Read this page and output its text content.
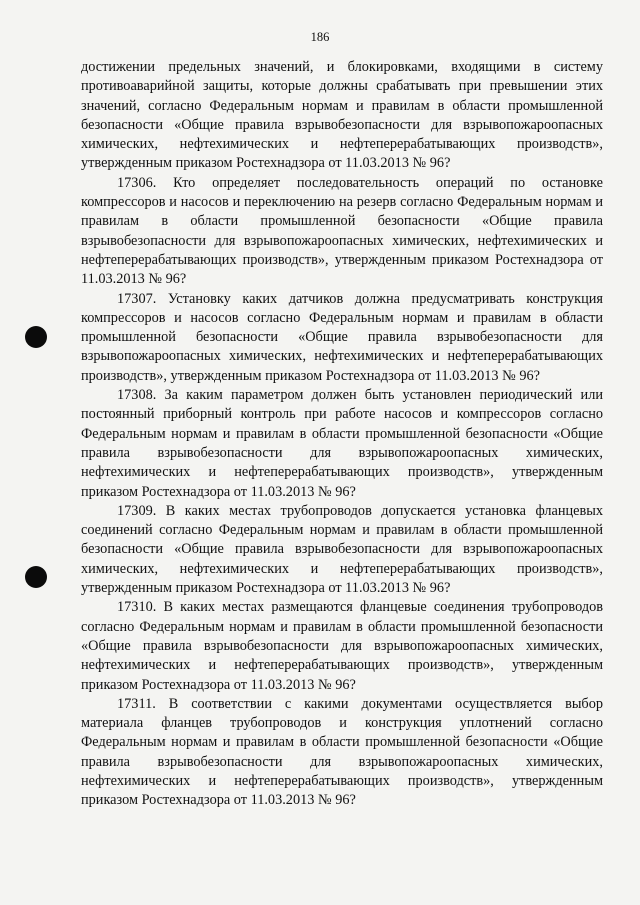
186

достижении предельных значений, и блокировками, входящими в систему противоаварийной защиты, которые должны срабатывать при превышении этих значений, согласно Федеральным нормам и правилам в области промышленной безопасности «Общие правила взрывобезопасности для взрывопожароопасных химических, нефтехимических и нефтеперерабатывающих производств», утвержденным приказом Ростехнадзора от 11.03.2013 № 96?

17306. Кто определяет последовательность операций по остановке компрессоров и насосов и переключению на резерв согласно Федеральным нормам и правилам в области промышленной безопасности «Общие правила взрывобезопасности для взрывопожароопасных химических, нефтехимических и нефтеперерабатывающих производств», утвержденным приказом Ростехнадзора от 11.03.2013 № 96?

17307. Установку каких датчиков должна предусматривать конструкция компрессоров и насосов согласно Федеральным нормам и правилам в области промышленной безопасности «Общие правила взрывобезопасности для взрывопожароопасных химических, нефтехимических и нефтеперерабатывающих производств», утвержденным приказом Ростехнадзора от 11.03.2013 № 96?

17308. За каким параметром должен быть установлен периодический или постоянный приборный контроль при работе насосов и компрессоров согласно Федеральным нормам и правилам в области промышленной безопасности «Общие правила взрывобезопасности для взрывопожароопасных химических, нефтехимических и нефтеперерабатывающих производств», утвержденным приказом Ростехнадзора от 11.03.2013 № 96?

17309. В каких местах трубопроводов допускается установка фланцевых соединений согласно Федеральным нормам и правилам в области промышленной безопасности «Общие правила взрывобезопасности для взрывопожароопасных химических, нефтехимических и нефтеперерабатывающих производств», утвержденным приказом Ростехнадзора от 11.03.2013 № 96?

17310. В каких местах размещаются фланцевые соединения трубопроводов согласно Федеральным нормам и правилам в области промышленной безопасности «Общие правила взрывобезопасности для взрывопожароопасных химических, нефтехимических и нефтеперерабатывающих производств», утвержденным приказом Ростехнадзора от 11.03.2013 № 96?

17311. В соответствии с какими документами осуществляется выбор материала фланцев трубопроводов и конструкция уплотнений согласно Федеральным нормам и правилам в области промышленной безопасности «Общие правила взрывобезопасности для взрывопожароопасных химических, нефтехимических и нефтеперерабатывающих производств», утвержденным приказом Ростехнадзора от 11.03.2013 № 96?
